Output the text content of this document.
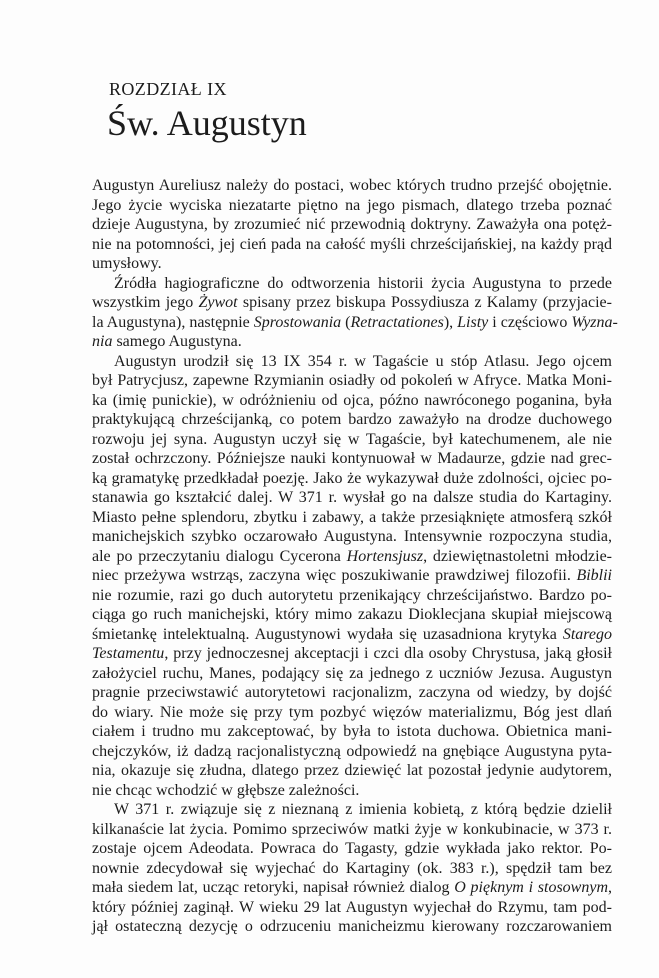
ROZDZIAŁ IX
Św. Augustyn
Augustyn Aureliusz należy do postaci, wobec których trudno przejść obojętnie.
Jego życie wyciska niezatarte piętno na jego pismach, dlatego trzeba poznać
dzieje Augustyna, by zrozumieć nić przewodnią doktryny. Zaważyła ona potęż-
nie na potomności, jej cień pada na całość myśli chrześcijańskiej, na każdy prąd
umysłowy.
Źródła hagiograficzne do odtworzenia historii życia Augustyna to przede
wszystkim jego Żywot spisany przez biskupa Possydiusza z Kalamy (przyjacie-
la Augustyna), następnie Sprostowania (Retractationes), Listy i częściowo Wyzna-
nia samego Augustyna.
Augustyn urodził się 13 IX 354 r. w Tagaście u stóp Atlasu. Jego ojcem
był Patrycjusz, zapewne Rzymianin osiadły od pokoleń w Afryce. Matka Moni-
ka (imię punickie), w odróżnieniu od ojca, późno nawróconego poganina, była
praktykującą chrześcijanką, co potem bardzo zaważyło na drodze duchowego
rozwoju jej syna. Augustyn uczył się w Tagaście, był katechumenem, ale nie
został ochrzczony. Późniejsze nauki kontynuował w Madaurze, gdzie nad grec-
ką gramatykę przedkładał poezję. Jako że wykazywał duże zdolności, ojciec po-
stanawia go kształcić dalej. W 371 r. wysłał go na dalsze studia do Kartaginy.
Miasto pełne splendoru, zbytku i zabawy, a także przesiąknięte atmosferą szkół
manichejskich szybko oczarowało Augustyna. Intensywnie rozpoczyna studia,
ale po przeczytaniu dialogu Cycerona Hortensjusz, dziewiętnastoletni młodzie-
niec przeżywa wstrząs, zaczyna więc poszukiwanie prawdziwej filozofii. Biblii
nie rozumie, razi go duch autorytetu przenikający chrześcijaństwo. Bardzo po-
ciąga go ruch manichejski, który mimo zakazu Dioklecjana skupiał miejscową
śmietankę intelektualną. Augustynowi wydała się uzasadniona krytyka Starego
Testamentu, przy jednoczesnej akceptacji i czci dla osoby Chrystusa, jaką głosił
założyciel ruchu, Manes, podający się za jednego z uczniów Jezusa. Augustyn
pragnie przeciwstawić autorytetowi racjonalizm, zaczyna od wiedzy, by dojść
do wiary. Nie może się przy tym pozbyć więzów materializmu, Bóg jest dlań
ciałem i trudno mu zakceptować, by była to istota duchowa. Obietnica mani-
chejczyków, iż dadzą racjonalistyczną odpowiedź na gnębiące Augustyna pyta-
nia, okazuje się złudna, dlatego przez dziewięć lat pozostał jedynie audytorem,
nie chcąc wchodzić w głębsze zależności.
W 371 r. związuje się z nieznaną z imienia kobietą, z którą będzie dzielił
kilkanaście lat życia. Pomimo sprzeciwów matki żyje w konkubinacie, w 373 r.
zostaje ojcem Adeodata. Powraca do Tagasty, gdzie wykłada jako rektor. Po-
nownie zdecydował się wyjechać do Kartaginy (ok. 383 r.), spędził tam bez
mała siedem lat, ucząc retoryki, napisał również dialog O pięknym i stosownym,
który później zaginął. W wieku 29 lat Augustyn wyjechał do Rzymu, tam pod-
jął ostateczną dezycję o odrzuceniu manicheizmu kierowany rozczarowaniem
